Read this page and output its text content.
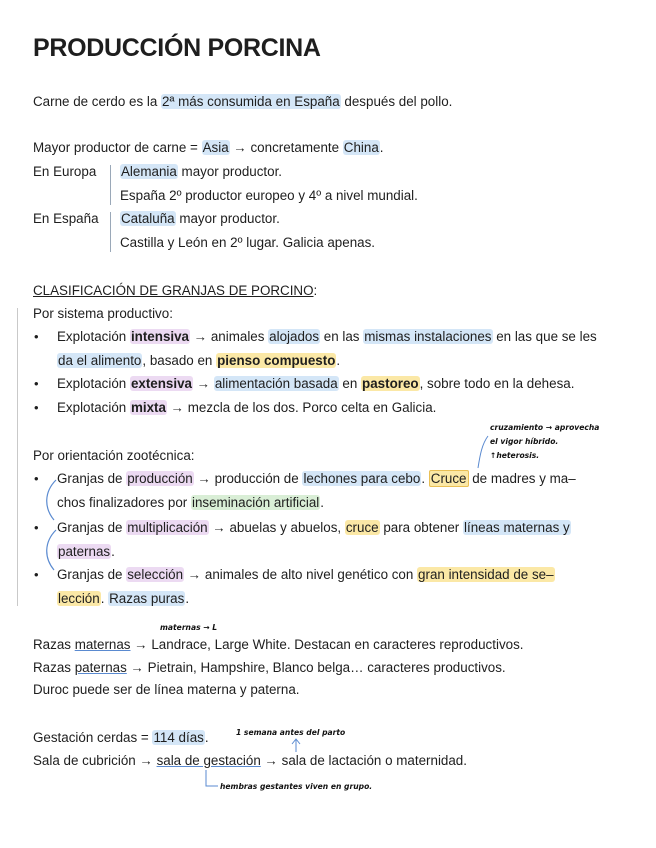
PRODUCCIÓN PORCINA
Carne de cerdo es la 2ª más consumida en España después del pollo.
Mayor productor de carne = Asia → concretamente China.
En Europa Alemania mayor productor.
España 2º productor europeo y 4º a nivel mundial.
En España Cataluña mayor productor.
Castilla y León en 2º lugar. Galicia apenas.
CLASIFICACIÓN DE GRANJAS DE PORCINO:
Por sistema productivo:
• Explotación intensiva → animales alojados en las mismas instalaciones en las que se les
da el alimento, basado en pienso compuesto.
• Explotación extensiva → alimentación basada en pastoreo, sobre todo en la dehesa.
• Explotación mixta → mezcla de los dos. Porco celta en Galicia.
cruzamiento → aprovecha
el vigor híbrido.
↑heterosis.
Por orientación zootécnica:
• Granjas de producción → producción de lechones para cebo. Cruce de madres y ma–
chos finalizadores por inseminación artificial.
• Granjas de multiplicación → abuelas y abuelos, cruce para obtener líneas maternas y
paternas.
• Granjas de selección → animales de alto nivel genético con gran intensidad de se–
lección. Razas puras.
maternas → L
Razas maternas → Landrace, Large White. Destacan en caracteres reproductivos.
Razas paternas → Pietrain, Hampshire, Blanco belga… caracteres productivos.
Duroc puede ser de línea materna y paterna.
1 semana antes del parto
Gestación cerdas = 114 días.
Sala de cubrición → sala de gestación → sala de lactación o maternidad.
hembras gestantes viven en grupo.
